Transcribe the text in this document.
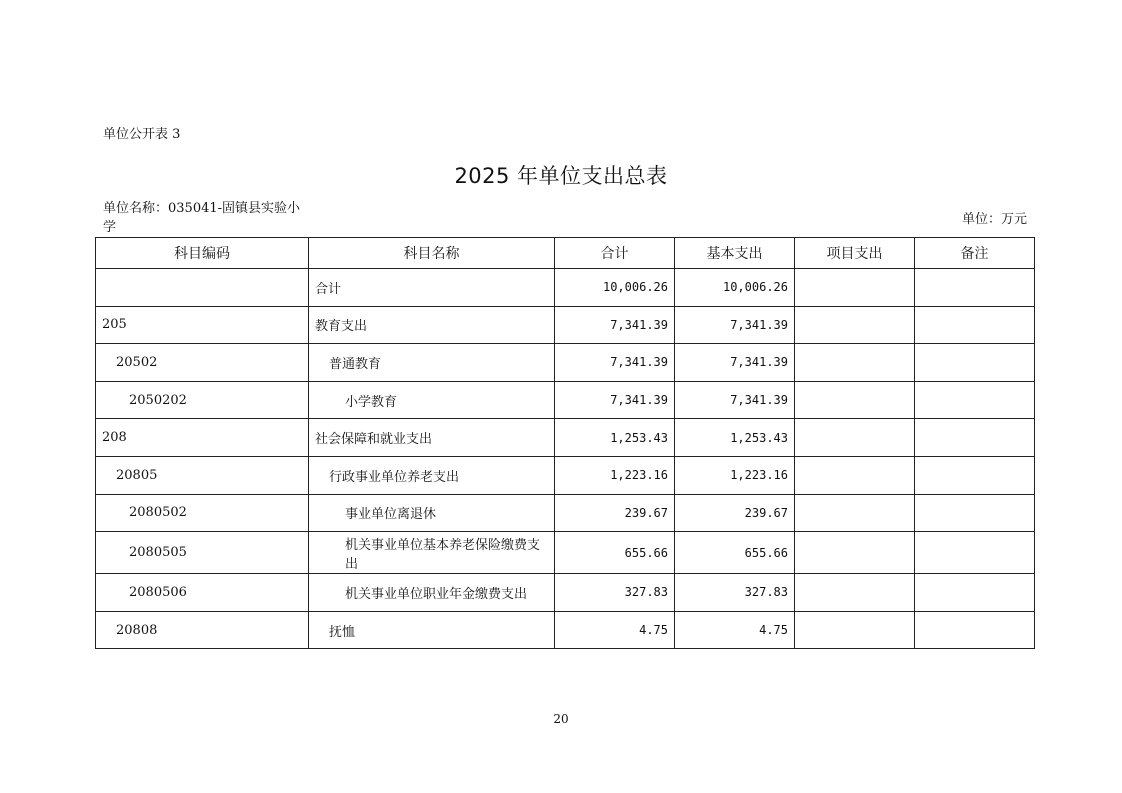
单位公开表 3
2025 年单位支出总表
单位名称：035041-固镇县实验小学
单位：万元
科目编码	科目名称	合计	基本支出	项目支出	备注
	合计	10,006.26	10,006.26		
205	教育支出	7,341.39	7,341.39		
20502	普通教育	7,341.39	7,341.39		
2050202	小学教育	7,341.39	7,341.39		
208	社会保障和就业支出	1,253.43	1,253.43		
20805	行政事业单位养老支出	1,223.16	1,223.16		
2080502	事业单位离退休	239.67	239.67		
2080505	机关事业单位基本养老保险缴费支出	655.66	655.66		
2080506	机关事业单位职业年金缴费支出	327.83	327.83		
20808	抚恤	4.75	4.75		
20
